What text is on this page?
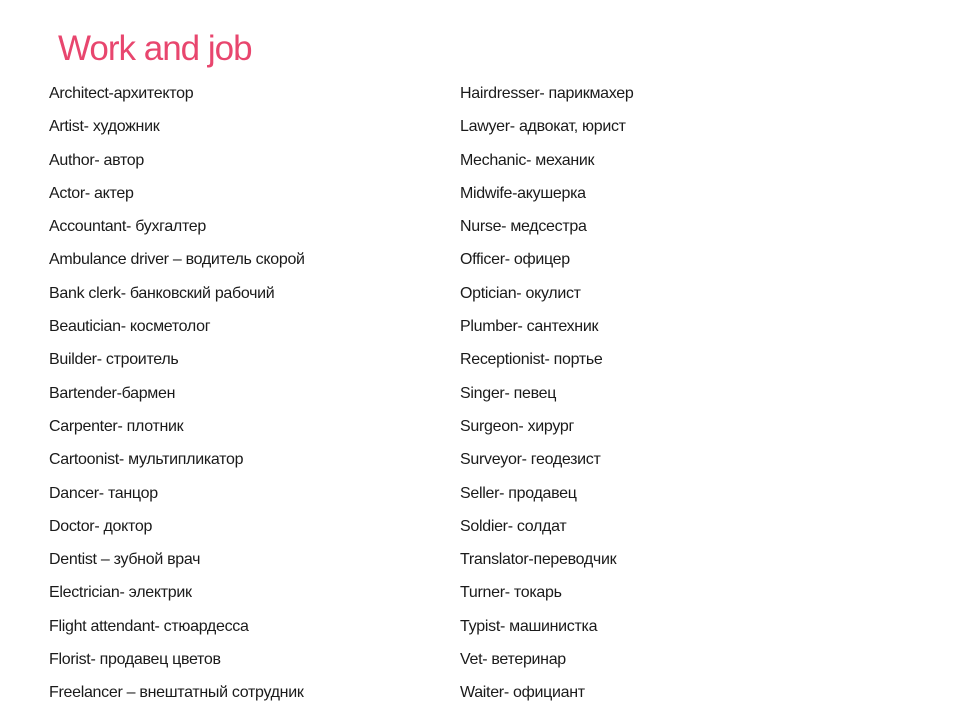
Work and job
Architect-архитектор
Artist- художник
Author- автор
Actor- актер
Accountant- бухгалтер
Ambulance driver – водитель скорой
Bank clerk- банковский рабочий
Beautician- косметолог
Builder- строитель
Bartender-бармен
Carpenter- плотник
Cartoonist- мультипликатор
Dancer- танцор
Doctor- доктор
Dentist – зубной врач
Electrician- электрик
Flight attendant- стюардесса
Florist- продавец цветов
Freelancer – внештатный сотрудник
Hairdresser- парикмахер
Lawyer- адвокат, юрист
Mechanic- механик
Midwife-акушерка
Nurse- медсестра
Officer- офицер
Optician- окулист
Plumber- сантехник
Receptionist- портье
Singer- певец
Surgeon- хирург
Surveyor- геодезист
Seller- продавец
Soldier- солдат
Translator-переводчик
Turner- токарь
Typist- машинистка
Vet- ветеринар
Waiter- официант
